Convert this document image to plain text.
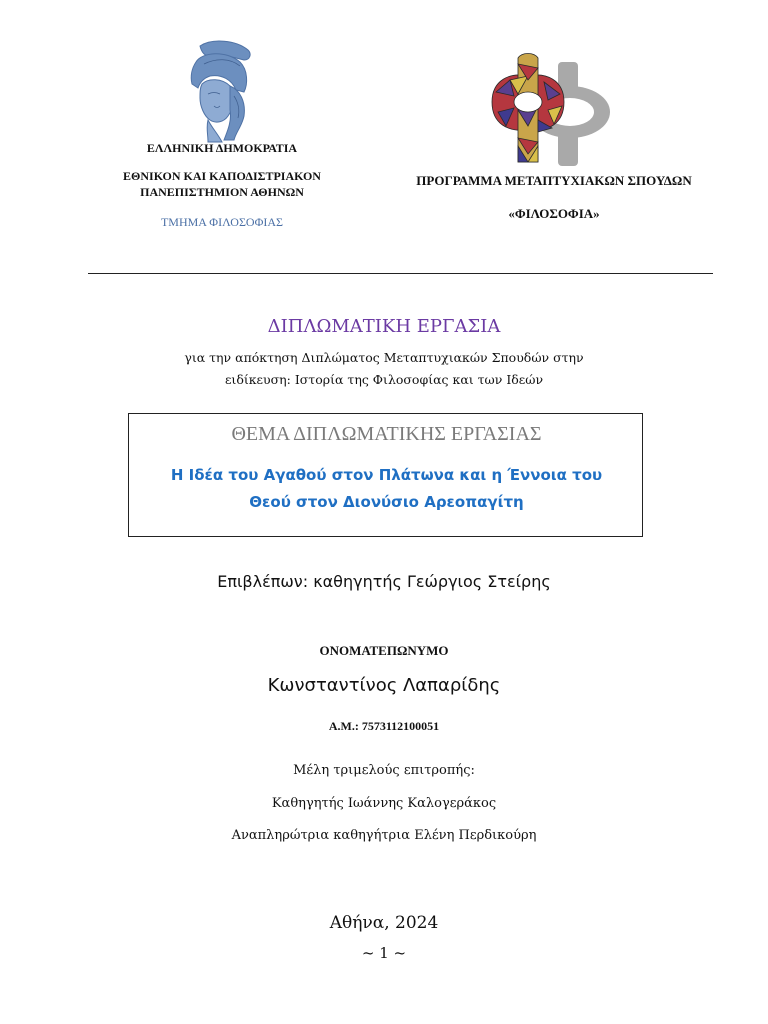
ΕΛΛΗΝΙΚΗ ΔΗΜΟΚΡΑΤΙΑ
ΕΘΝΙΚΟΝ ΚΑΙ ΚΑΠΟΔΙΣΤΡΙΑΚΟΝ
ΠΑΝΕΠΙΣΤΗΜΙΟΝ ΑΘΗΝΩΝ
ΤΜΗΜΑ ΦΙΛΟΣΟΦΙΑΣ
ΠΡΟΓΡΑΜΜΑ ΜΕΤΑΠΤΥΧΙΑΚΩΝ ΣΠΟΥΔΩΝ
«ΦΙΛΟΣΟΦΙΑ»
ΔΙΠΛΩΜΑΤΙΚΗ ΕΡΓΑΣΙΑ
για την απόκτηση Διπλώματος Μεταπτυχιακών Σπουδών στην
ειδίκευση: Ιστορία της Φιλοσοφίας και των Ιδεών
ΘΕΜΑ ΔΙΠΛΩΜΑΤΙΚΗΣ ΕΡΓΑΣΙΑΣ
Η Ιδέα του Αγαθού στον Πλάτωνα και η Έννοια του
Θεού στον Διονύσιο Αρεοπαγίτη
Επιβλέπων: καθηγητής Γεώργιος Στείρης
ΟΝΟΜΑΤΕΠΩΝΥΜΟ
Κωνσταντίνος Λαπαρίδης
Α.Μ.: 7573112100051
Μέλη τριμελούς επιτροπής:
Καθηγητής Ιωάννης Καλογεράκος
Αναπληρώτρια καθηγήτρια Ελένη Περδικούρη
Αθήνα, 2024
~ 1 ~
